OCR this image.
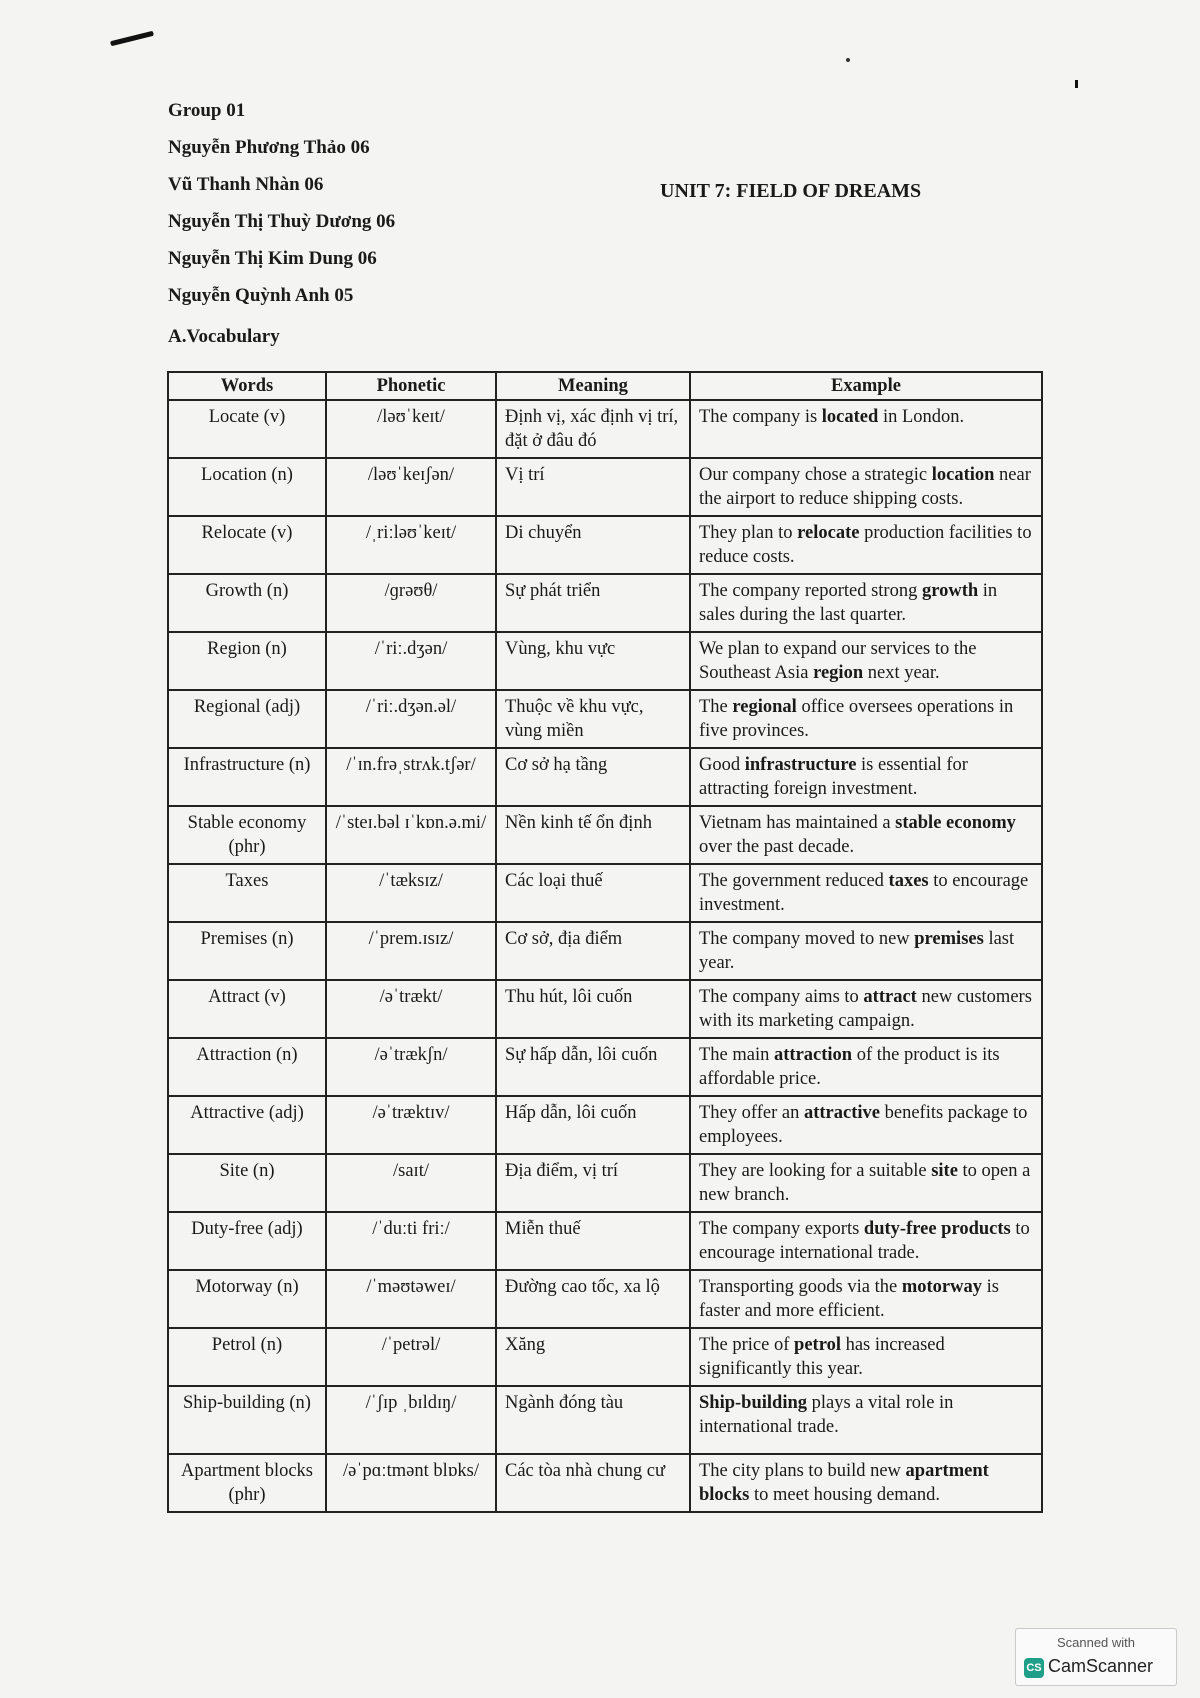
Group 01
Nguyễn Phương Thảo 06
Vũ Thanh Nhàn 06
Nguyễn Thị Thuỳ Dương 06
Nguyễn Thị Kim Dung 06
Nguyễn Quỳnh Anh 05
UNIT 7: FIELD OF DREAMS
A.Vocabulary
Words	Phonetic	Meaning	Example
Locate (v)	/ləʊˈkeɪt/	Định vị, xác định vị trí, đặt ở đâu đó	The company is located in London.
Location (n)	/ləʊˈkeɪʃən/	Vị trí	Our company chose a strategic location near the airport to reduce shipping costs.
Relocate (v)	/ˌriːləʊˈkeɪt/	Di chuyển	They plan to relocate production facilities to reduce costs.
Growth (n)	/ɡrəʊθ/	Sự phát triển	The company reported strong growth in sales during the last quarter.
Region (n)	/ˈriː.dʒən/	Vùng, khu vực	We plan to expand our services to the Southeast Asia region next year.
Regional (adj)	/ˈriː.dʒən.əl/	Thuộc về khu vực, vùng miền	The regional office oversees operations in five provinces.
Infrastructure (n)	/ˈɪn.frəˌstrʌk.tʃər/	Cơ sở hạ tầng	Good infrastructure is essential for attracting foreign investment.
Stable economy (phr)	/ˈsteɪ.bəl ɪˈkɒn.ə.mi/	Nền kinh tế ổn định	Vietnam has maintained a stable economy over the past decade.
Taxes	/ˈtæksɪz/	Các loại thuế	The government reduced taxes to encourage investment.
Premises (n)	/ˈprem.ɪsɪz/	Cơ sở, địa điểm	The company moved to new premises last year.
Attract (v)	/əˈtrækt/	Thu hút, lôi cuốn	The company aims to attract new customers with its marketing campaign.
Attraction (n)	/əˈtrækʃn/	Sự hấp dẫn, lôi cuốn	The main attraction of the product is its affordable price.
Attractive (adj)	/əˈtræktɪv/	Hấp dẫn, lôi cuốn	They offer an attractive benefits package to employees.
Site (n)	/saɪt/	Địa điểm, vị trí	They are looking for a suitable site to open a new branch.
Duty-free (adj)	/ˈduːti friː/	Miễn thuế	The company exports duty-free products to encourage international trade.
Motorway (n)	/ˈməʊtəweɪ/	Đường cao tốc, xa lộ	Transporting goods via the motorway is faster and more efficient.
Petrol (n)	/ˈpetrəl/	Xăng	The price of petrol has increased significantly this year.
Ship-building (n)	/ˈʃɪp ˌbɪldɪŋ/	Ngành đóng tàu	Ship-building plays a vital role in international trade.
Apartment blocks (phr)	/əˈpɑːtmənt blɒks/	Các tòa nhà chung cư	The city plans to build new apartment blocks to meet housing demand.
Scanned with
CS CamScanner
